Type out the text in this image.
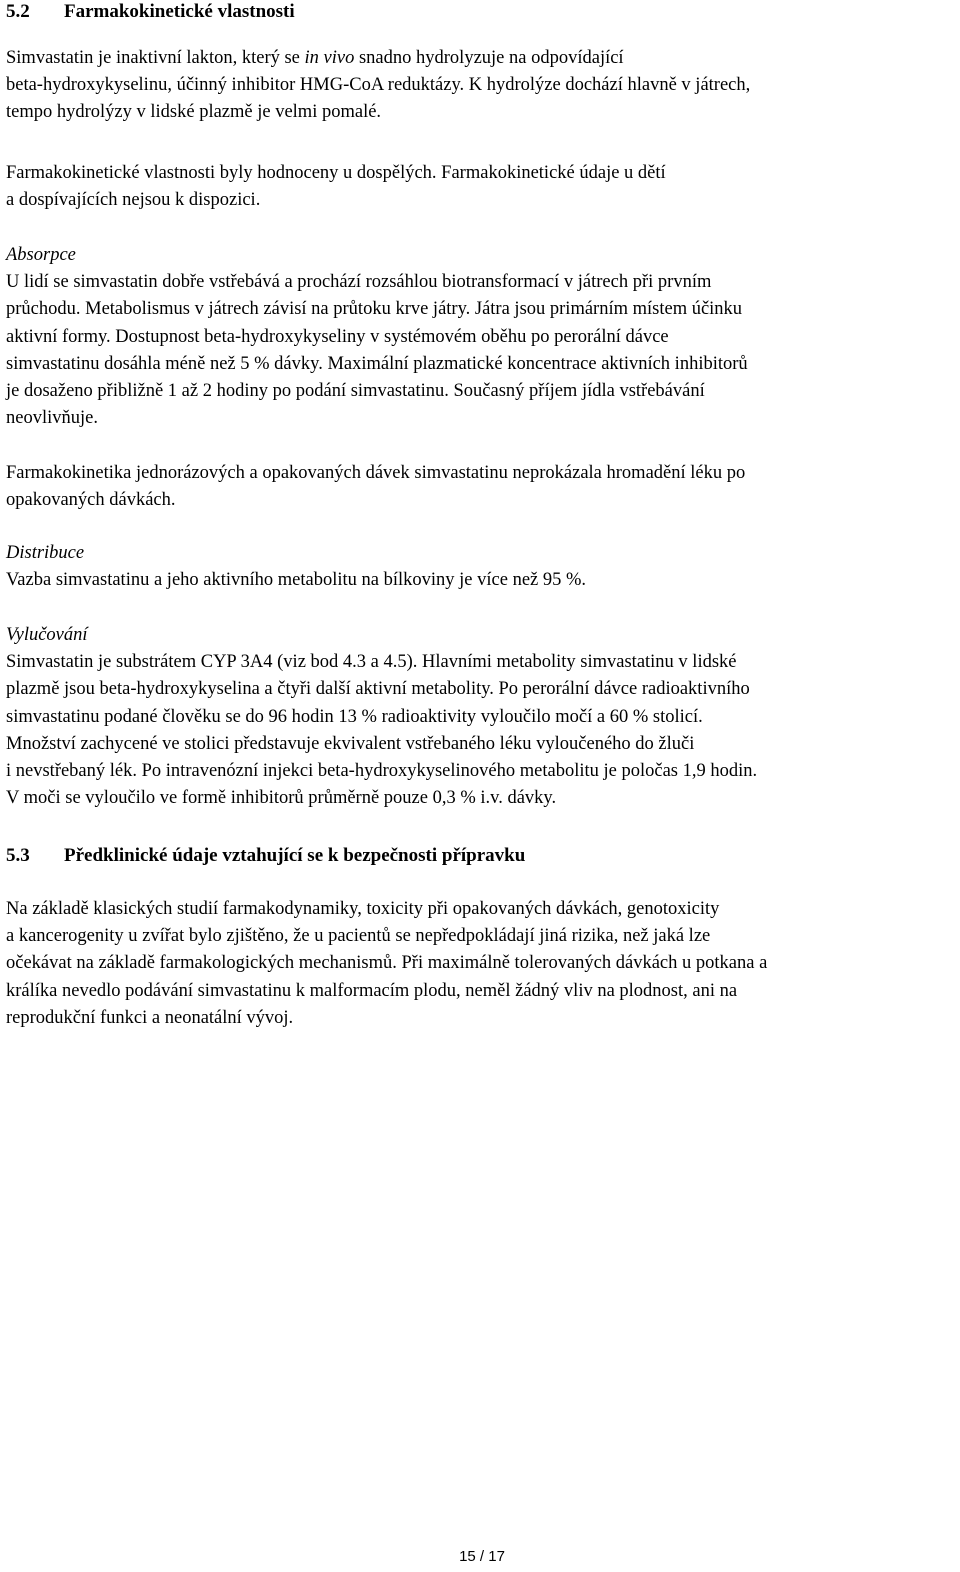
5.2	Farmakokinetické vlastnosti

Simvastatin je inaktivní lakton, který se in vivo snadno hydrolyzuje na odpovídající
beta-hydroxykyselinu, účinný inhibitor HMG-CoA reduktázy. K hydrolýze dochází hlavně v játrech,
tempo hydrolýzy v lidské plazmě je velmi pomalé.

Farmakokinetické vlastnosti byly hodnoceny u dospělých. Farmakokinetické údaje u dětí
a dospívajících nejsou k dispozici.

Absorpce
U lidí se simvastatin dobře vstřebává a prochází rozsáhlou biotransformací v játrech při prvním
průchodu. Metabolismus v játrech závisí na průtoku krve játry. Játra jsou primárním místem účinku
aktivní formy. Dostupnost beta-hydroxykyseliny v systémovém oběhu po perorální dávce
simvastatinu dosáhla méně než 5 % dávky. Maximální plazmatické koncentrace aktivních inhibitorů
je dosaženo přibližně 1 až 2 hodiny po podání simvastatinu. Současný příjem jídla vstřebávání
neovlivňuje.

Farmakokinetika jednorázových a opakovaných dávek simvastatinu neprokázala hromadění léku po
opakovaných dávkách.

Distribuce
Vazba simvastatinu a jeho aktivního metabolitu na bílkoviny je více než 95 %.

Vylučování
Simvastatin je substrátem CYP 3A4 (viz bod 4.3 a 4.5). Hlavními metabolity simvastatinu v lidské
plazmě jsou beta-hydroxykyselina a čtyři další aktivní metabolity. Po perorální dávce radioaktivního
simvastatinu podané člověku se do 96 hodin 13 % radioaktivity vyloučilo močí a 60 % stolicí.
Množství zachycené ve stolici představuje ekvivalent vstřebaného léku vyloučeného do žluči
i nevstřebaný lék. Po intravenózní injekci beta-hydroxykyselinového metabolitu je poločas 1,9 hodin.
V moči se vyloučilo ve formě inhibitorů průměrně pouze 0,3 % i.v. dávky.

5.3	Předklinické údaje vztahující se k bezpečnosti přípravku

Na základě klasických studií farmakodynamiky, toxicity při opakovaných dávkách, genotoxicity
a kancerogenity u zvířat bylo zjištěno, že u pacientů se nepředpokládají jiná rizika, než jaká lze
očekávat na základě farmakologických mechanismů. Při maximálně tolerovaných dávkách u potkana a
králíka nevedlo podávání simvastatinu k malformacím plodu, neměl žádný vliv na plodnost, ani na
reprodukční funkci a neonatální vývoj.

15 / 17
